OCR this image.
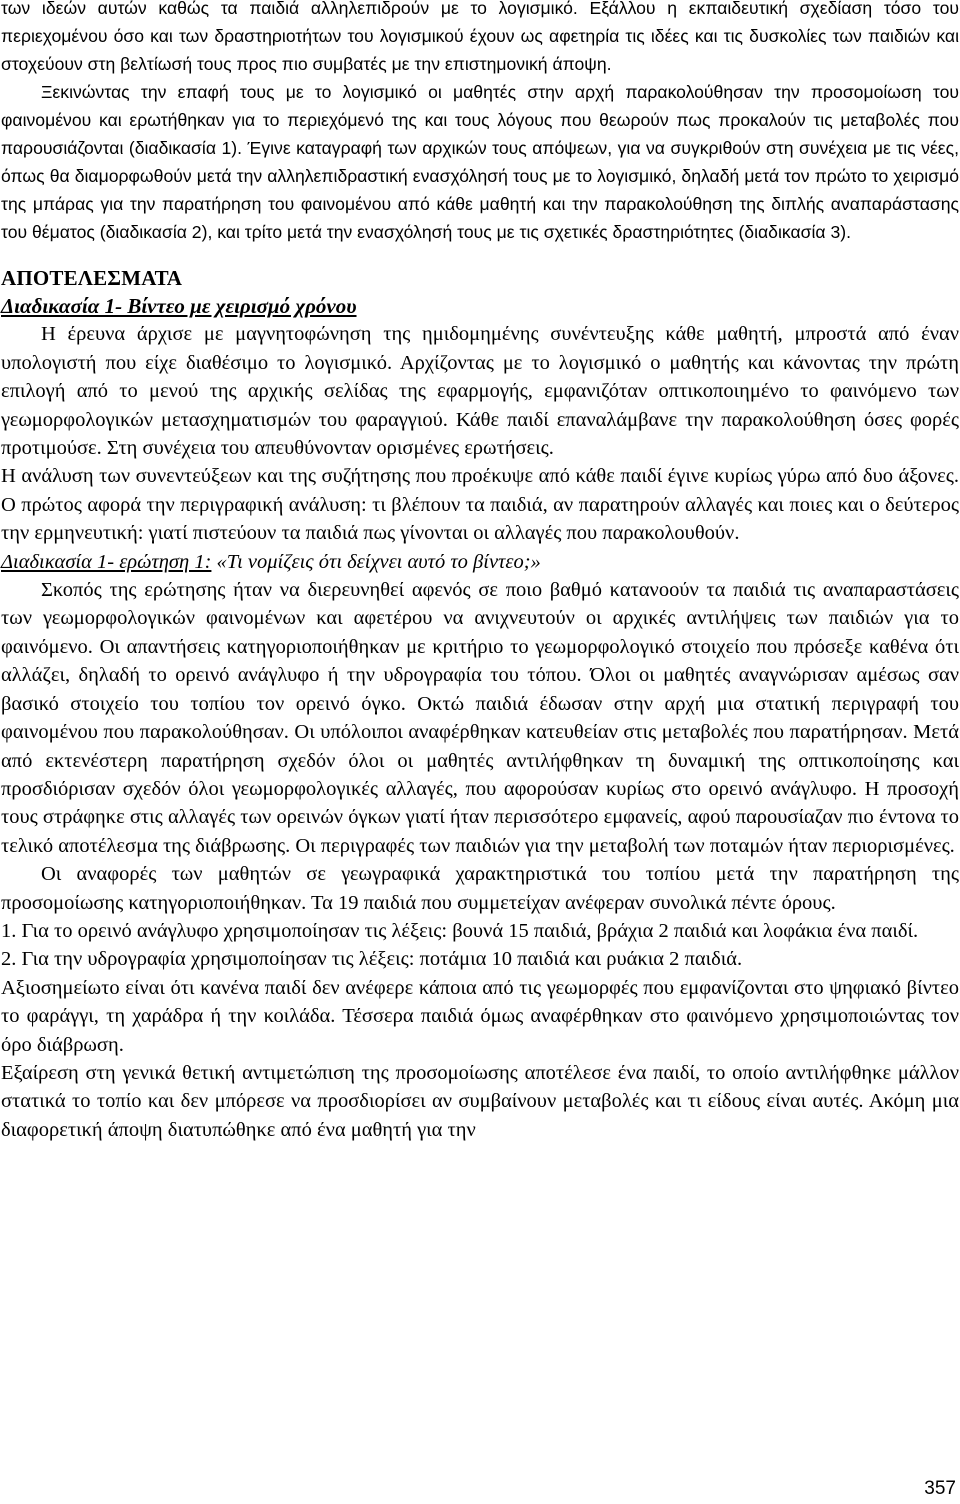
των ιδεών αυτών καθώς τα παιδιά αλληλεπιδρούν με το λογισμικό. Εξάλλου η εκπαιδευτική σχεδίαση τόσο του περιεχομένου όσο και των δραστηριοτήτων του λογισμικού έχουν ως αφετηρία τις ιδέες και τις δυσκολίες των παιδιών και στοχεύουν στη βελτίωσή τους προς πιο συμβατές με την επιστημονική άποψη.

Ξεκινώντας την επαφή τους με το λογισμικό οι μαθητές στην αρχή παρακολούθησαν την προσομοίωση του φαινομένου και ερωτήθηκαν για το περιεχόμενό της και τους λόγους που θεωρούν πως προκαλούν τις μεταβολές που παρουσιάζονται (διαδικασία 1). Έγινε καταγραφή των αρχικών τους απόψεων, για να συγκριθούν στη συνέχεια με τις νέες, όπως θα διαμορφωθούν μετά την αλληλεπιδραστική ενασχόλησή τους με το λογισμικό, δηλαδή μετά τον πρώτο το χειρισμό της μπάρας για την παρατήρηση του φαινομένου από κάθε μαθητή και την παρακολούθηση της διπλής αναπαράστασης του θέματος (διαδικασία 2), και τρίτο μετά την ενασχόλησή τους με τις σχετικές δραστηριότητες (διαδικασία 3).

ΑΠΟΤΕΛΕΣΜΑΤΑ

Διαδικασία 1- Βίντεο με χειρισμό χρόνου

Η έρευνα άρχισε με μαγνητοφώνηση της ημιδομημένης συνέντευξης κάθε μαθητή, μπροστά από έναν υπολογιστή που είχε διαθέσιμο το λογισμικό. Αρχίζοντας με το λογισμικό ο μαθητής και κάνοντας την πρώτη επιλογή από το μενού της αρχικής σελίδας της εφαρμογής, εμφανιζόταν οπτικοποιημένο το φαινόμενο των γεωμορφολογικών μετασχηματισμών του φαραγγιού. Κάθε παιδί επαναλάμβανε την παρακολούθηση όσες φορές προτιμούσε. Στη συνέχεια του απευθύνονταν ορισμένες ερωτήσεις.

Η ανάλυση των συνεντεύξεων και της συζήτησης που προέκυψε από κάθε παιδί έγινε κυρίως γύρω από δυο άξονες. Ο πρώτος αφορά την περιγραφική ανάλυση: τι βλέπουν τα παιδιά, αν παρατηρούν αλλαγές και ποιες και ο δεύτερος την ερμηνευτική: γιατί πιστεύουν τα παιδιά πως γίνονται οι αλλαγές που παρακολουθούν.

Διαδικασία 1- ερώτηση 1: «Τι νομίζεις ότι δείχνει αυτό το βίντεο;»

Σκοπός της ερώτησης ήταν να διερευνηθεί αφενός σε ποιο βαθμό κατανοούν τα παιδιά τις αναπαραστάσεις των γεωμορφολογικών φαινομένων και αφετέρου να ανιχνευτούν οι αρχικές αντιλήψεις των παιδιών για το φαινόμενο. Οι απαντήσεις κατηγοριοποιήθηκαν με κριτήριο το γεωμορφολογικό στοιχείο που πρόσεξε καθένα ότι αλλάζει, δηλαδή το ορεινό ανάγλυφο ή την υδρογραφία του τόπου. Όλοι οι μαθητές αναγνώρισαν αμέσως σαν βασικό στοιχείο του τοπίου τον ορεινό όγκο. Οκτώ παιδιά έδωσαν στην αρχή μια στατική περιγραφή του φαινομένου που παρακολούθησαν. Οι υπόλοιποι αναφέρθηκαν κατευθείαν στις μεταβολές που παρατήρησαν. Μετά από εκτενέστερη παρατήρηση σχεδόν όλοι οι μαθητές αντιλήφθηκαν τη δυναμική της οπτικοποίησης και προσδιόρισαν σχεδόν όλοι γεωμορφολογικές αλλαγές, που αφορούσαν κυρίως στο ορεινό ανάγλυφο. Η προσοχή τους στράφηκε στις αλλαγές των ορεινών όγκων γιατί ήταν περισσότερο εμφανείς, αφού παρουσίαζαν πιο έντονα το τελικό αποτέλεσμα της διάβρωσης. Οι περιγραφές των παιδιών για την μεταβολή των ποταμών ήταν περιορισμένες.

Οι αναφορές των μαθητών σε γεωγραφικά χαρακτηριστικά του τοπίου μετά την παρατήρηση της προσομοίωσης κατηγοριοποιήθηκαν. Τα 19 παιδιά που συμμετείχαν ανέφεραν συνολικά πέντε όρους.

1. Για το ορεινό ανάγλυφο χρησιμοποίησαν τις λέξεις: βουνά 15 παιδιά, βράχια 2 παιδιά και λοφάκια ένα παιδί.

2. Για την υδρογραφία χρησιμοποίησαν τις λέξεις: ποτάμια 10 παιδιά και ρυάκια 2 παιδιά.

Αξιοσημείωτο είναι ότι κανένα παιδί δεν ανέφερε κάποια από τις γεωμορφές που εμφανίζονται στο ψηφιακό βίντεο το φαράγγι, τη χαράδρα ή την κοιλάδα. Τέσσερα παιδιά όμως αναφέρθηκαν στο φαινόμενο χρησιμοποιώντας τον όρο διάβρωση.

Εξαίρεση στη γενικά θετική αντιμετώπιση της προσομοίωσης αποτέλεσε ένα παιδί, το οποίο αντιλήφθηκε μάλλον στατικά το τοπίο και δεν μπόρεσε να προσδιορίσει αν συμβαίνουν μεταβολές και τι είδους είναι αυτές. Ακόμη μια διαφορετική άποψη διατυπώθηκε από ένα μαθητή για την

357
